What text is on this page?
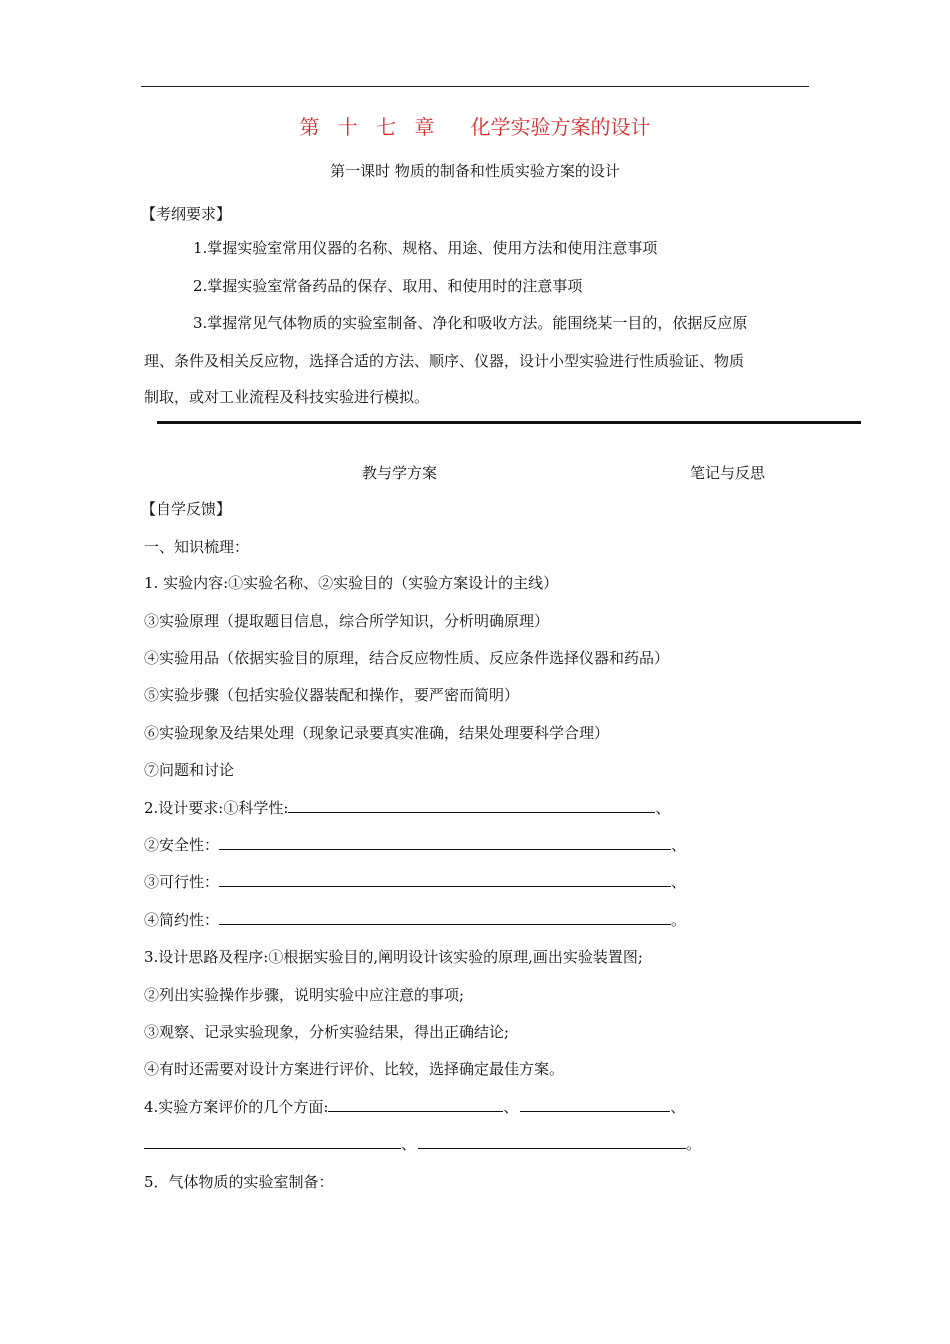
第 十 七 章 化学实验方案的设计
第一课时 物质的制备和性质实验方案的设计
【考纲要求】
1.掌握实验室常用仪器的名称、规格、用途、使用方法和使用注意事项
2.掌握实验室常备药品的保存、取用、和使用时的注意事项
3.掌握常见气体物质的实验室制备、净化和吸收方法。能围绕某一目的，依据反应原
理、条件及相关反应物，选择合适的方法、顺序、仪器，设计小型实验进行性质验证、物质
制取，或对工业流程及科技实验进行模拟。
教与学方案	笔记与反思
【自学反馈】
一、知识梳理：
1. 实验内容:①实验名称、②实验目的（实验方案设计的主线）
③实验原理（提取题目信息，综合所学知识，分析明确原理）
④实验用品（依据实验目的原理，结合反应物性质、反应条件选择仪器和药品）
⑤实验步骤（包括实验仪器装配和操作，要严密而简明）
⑥实验现象及结果处理（现象记录要真实准确，结果处理要科学合理）
⑦问题和讨论
2.设计要求:①科学性:	、
②安全性：	、
③可行性：	、
④简约性：	。
3.设计思路及程序:①根据实验目的,阐明设计该实验的原理,画出实验装置图;
②列出实验操作步骤，说明实验中应注意的事项;
③观察、记录实验现象，分析实验结果，得出正确结论;
④有时还需要对设计方案进行评价、比较，选择确定最佳方案。
4.实验方案评价的几个方面:	、	、
、	。
5．气体物质的实验室制备：
